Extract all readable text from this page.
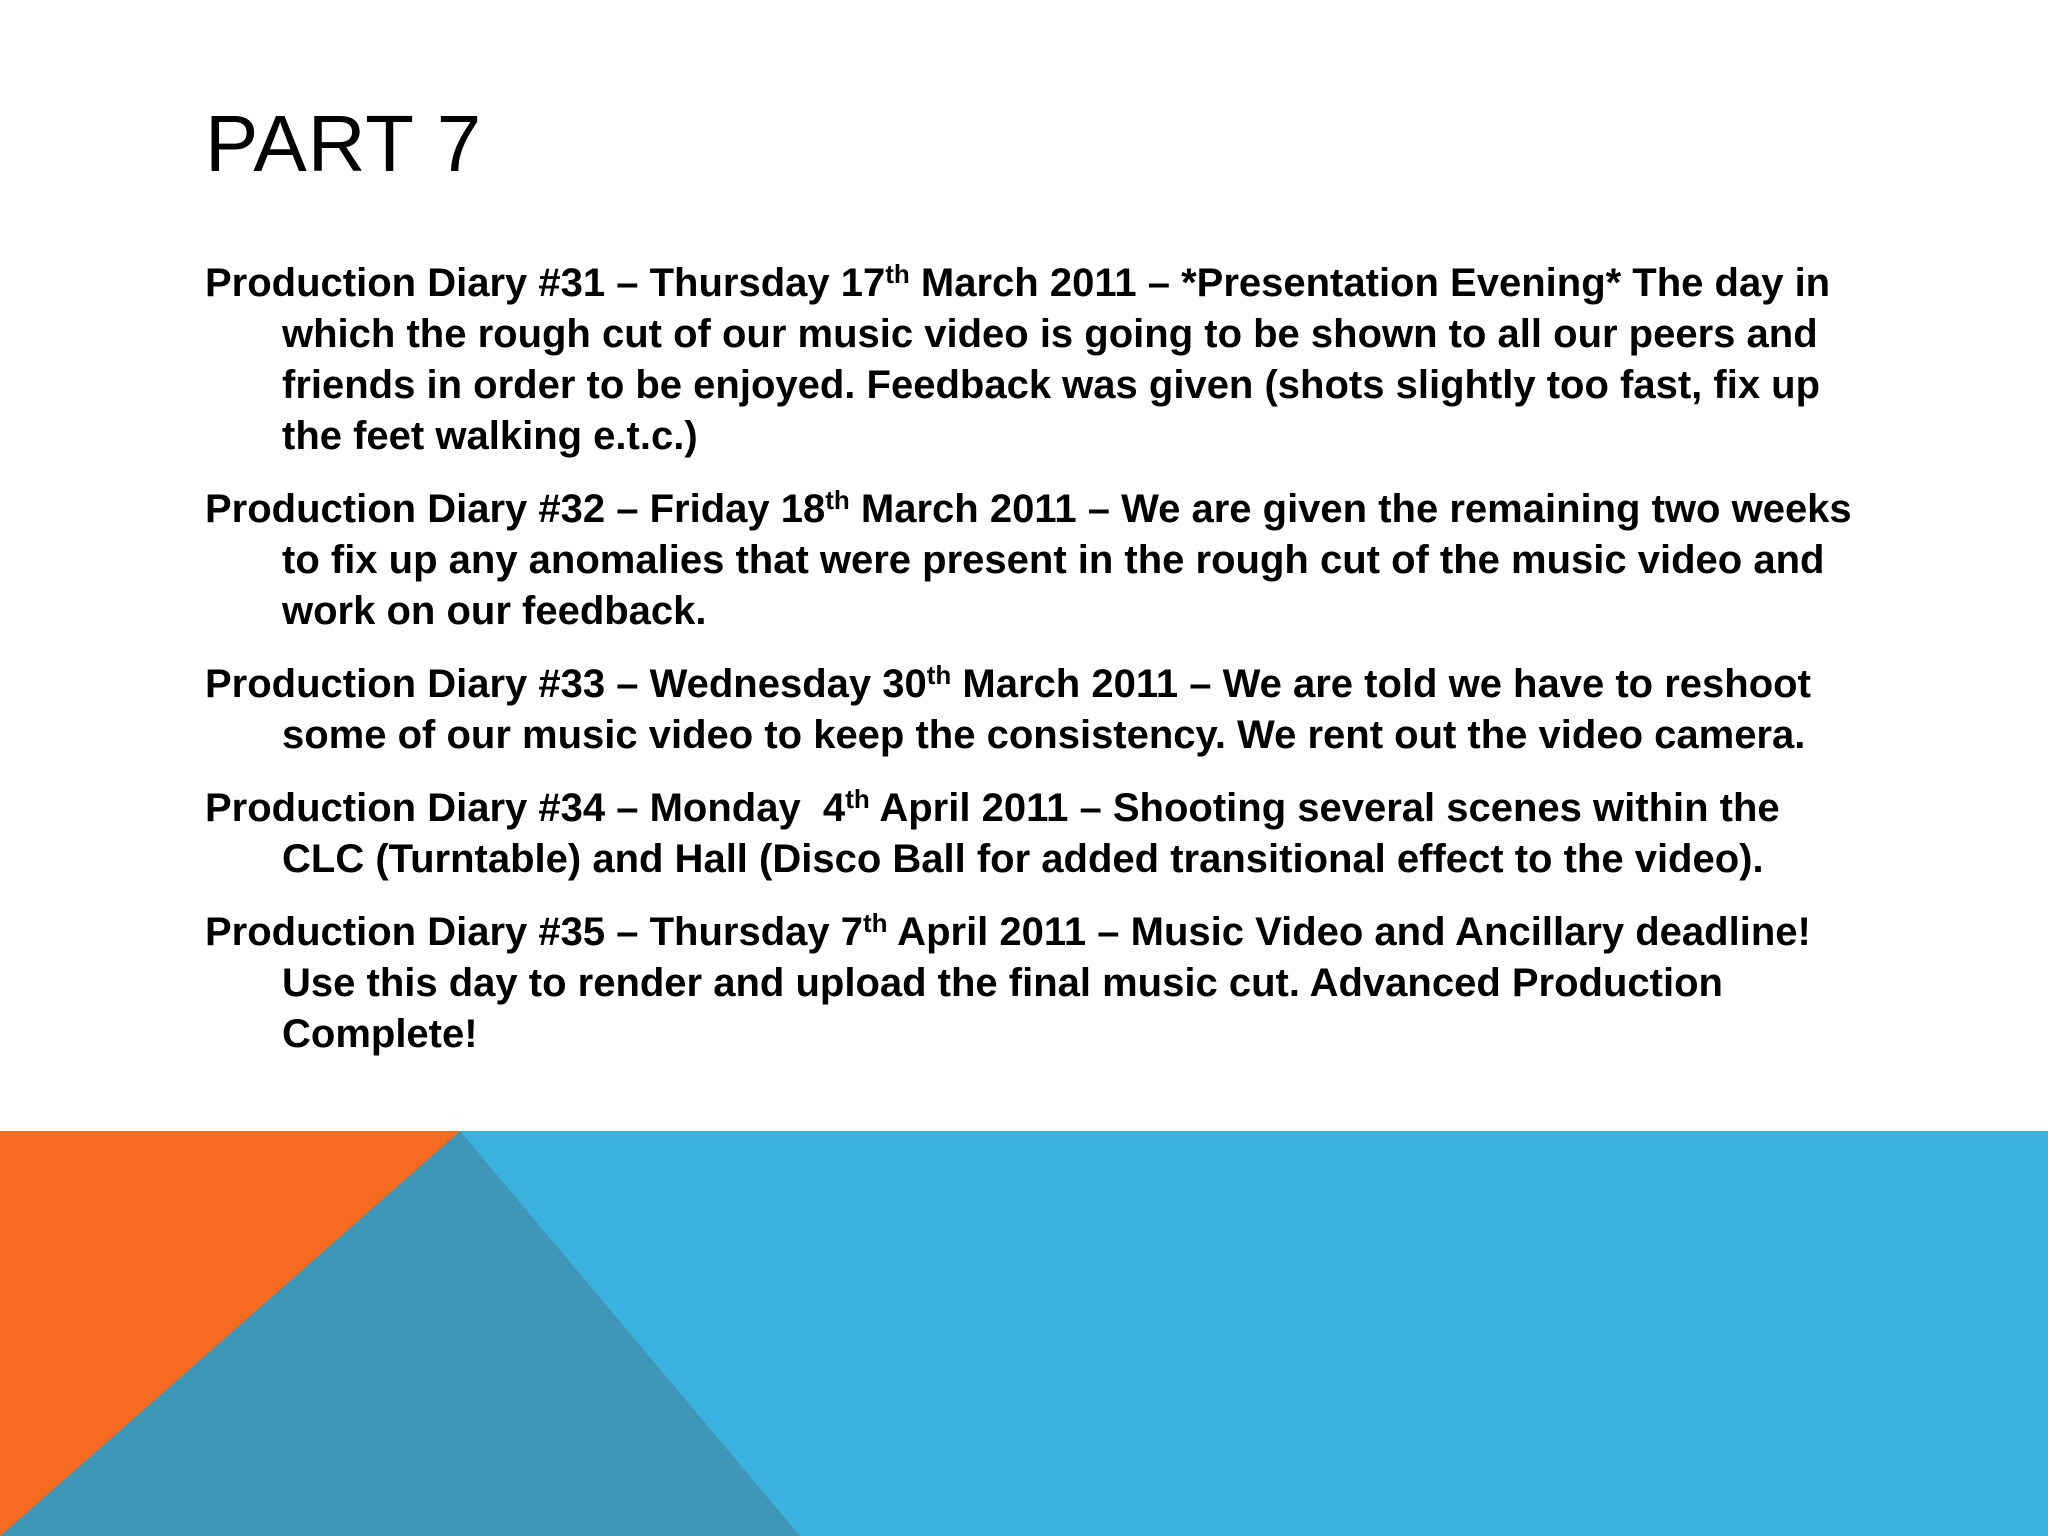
PART 7
Production Diary #31 – Thursday 17th March 2011 – *Presentation Evening* The day in which the rough cut of our music video is going to be shown to all our peers and friends in order to be enjoyed. Feedback was given (shots slightly too fast, fix up the feet walking e.t.c.)
Production Diary #32 – Friday 18th March 2011 – We are given the remaining two weeks to fix up any anomalies that were present in the rough cut of the music video and work on our feedback.
Production Diary #33 – Wednesday 30th March 2011 – We are told we have to reshoot some of our music video to keep the consistency. We rent out the video camera.
Production Diary #34 – Monday  4th April 2011 – Shooting several scenes within the CLC (Turntable) and Hall (Disco Ball for added transitional effect to the video).
Production Diary #35 – Thursday 7th April 2011 – Music Video and Ancillary deadline! Use this day to render and upload the final music cut. Advanced Production Complete!
